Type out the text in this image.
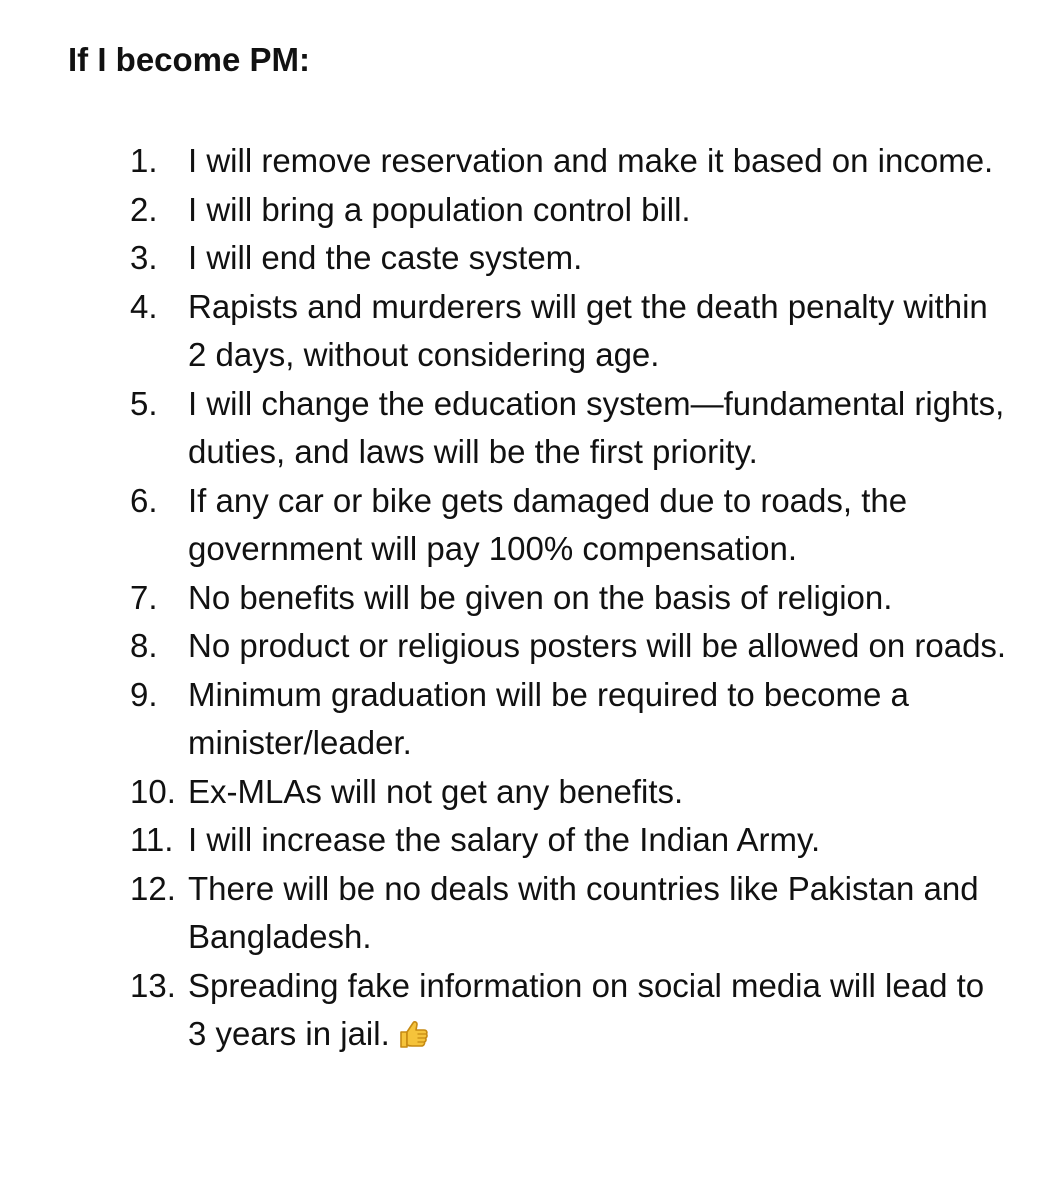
If I become PM:
1. I will remove reservation and make it based on income.
2. I will bring a population control bill.
3. I will end the caste system.
4. Rapists and murderers will get the death penalty within 2 days, without considering age.
5. I will change the education system—fundamental rights, duties, and laws will be the first priority.
6. If any car or bike gets damaged due to roads, the government will pay 100% compensation.
7. No benefits will be given on the basis of religion.
8. No product or religious posters will be allowed on roads.
9. Minimum graduation will be required to become a minister/leader.
10. Ex-MLAs will not get any benefits.
11. I will increase the salary of the Indian Army.
12. There will be no deals with countries like Pakistan and Bangladesh.
13. Spreading fake information on social media will lead to 3 years in jail.
